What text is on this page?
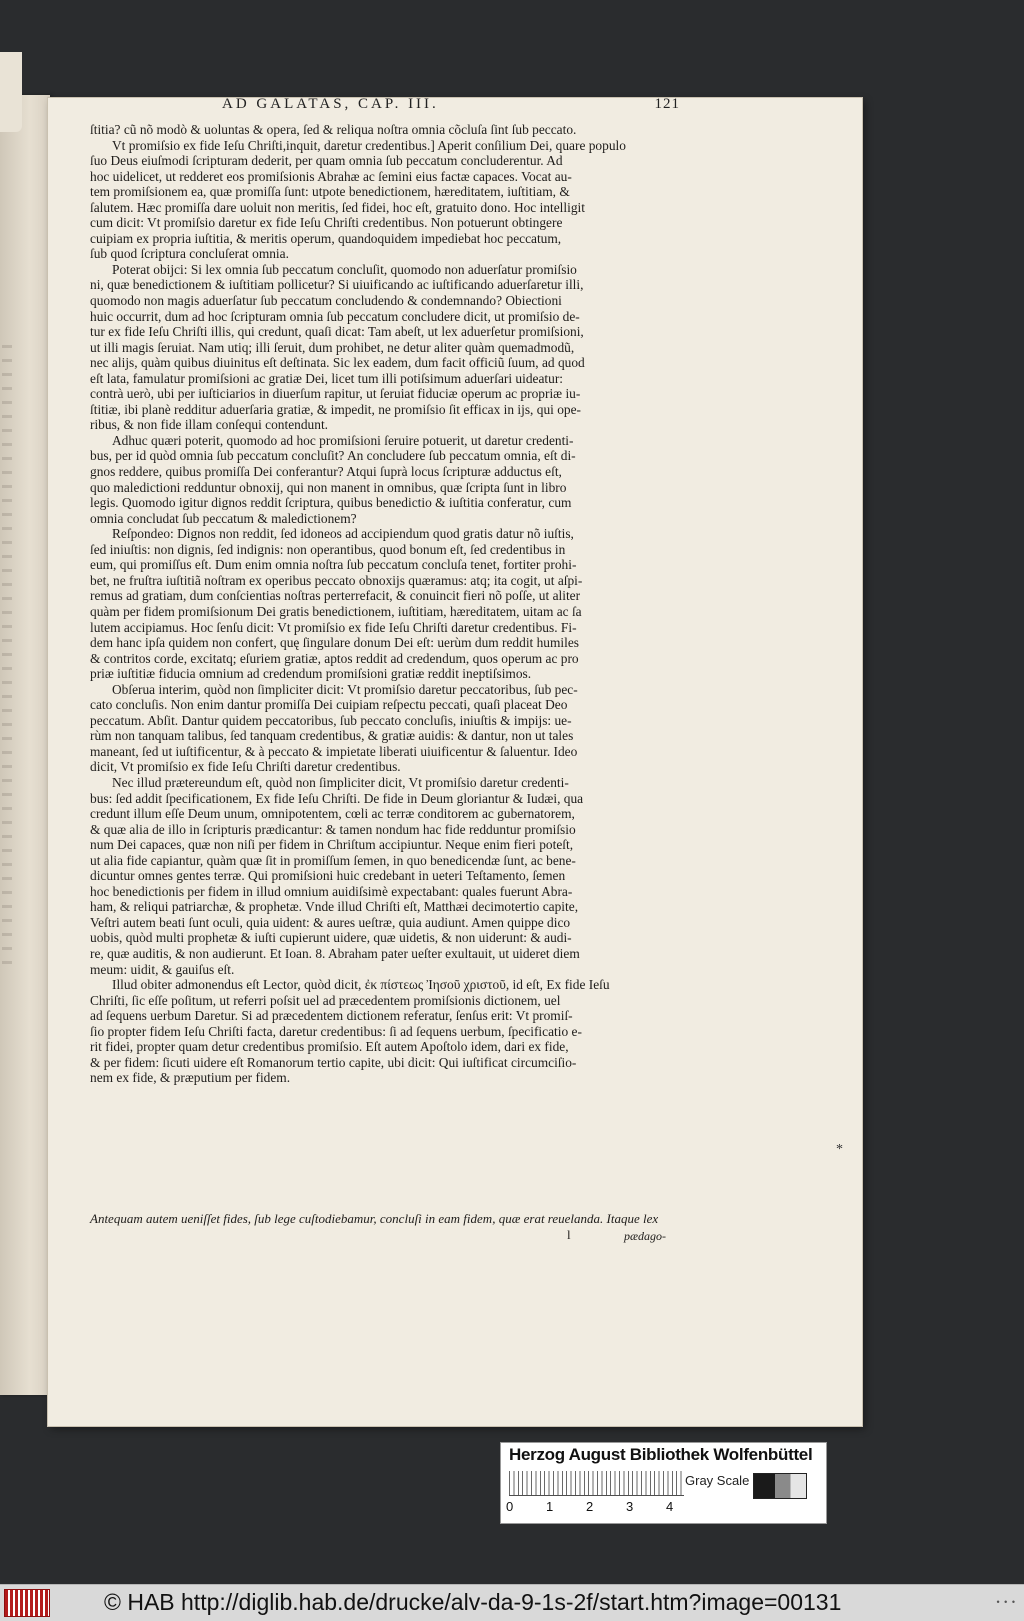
AD GALATAS, CAP. III.	121
ſtitia? cũ nõ modò & uoluntas & opera, ſed & reliqua noſtra omnia cõcluſa ſint ſub peccato.
Vt promiſsio ex fide Ieſu Chriſti,inquit, daretur credentibus.] Aperit conſilium Dei, quare populo
ſuo Deus eiuſmodi ſcripturam dederit, per quam omnia ſub peccatum concluderentur. Ad
hoc uidelicet, ut redderet eos promiſsionis Abrahæ ac ſemini eius factæ capaces. Vocat au-
tem promiſsionem ea, quæ promiſſa ſunt: utpote benedictionem, hæreditatem, iuſtitiam, &
ſalutem. Hæc promiſſa dare uoluit non meritis, ſed fidei, hoc eſt, gratuito dono. Hoc intelligit
cum dicit: Vt promiſsio daretur ex fide Ieſu Chriſti credentibus. Non potuerunt obtingere
cuipiam ex propria iuſtitia, & meritis operum, quandoquidem impediebat hoc peccatum,
ſub quod ſcriptura concluſerat omnia.
Poterat obijci: Si lex omnia ſub peccatum concluſit, quomodo non aduerſatur promiſsio
ni, quæ benedictionem & iuſtitiam pollicetur? Si uiuificando ac iuſtificando aduerſaretur illi,
quomodo non magis aduerſatur ſub peccatum concludendo & condemnando? Obiectioni
huic occurrit, dum ad hoc ſcripturam omnia ſub peccatum concludere dicit, ut promiſsio de-
tur ex fide Ieſu Chriſti illis, qui credunt, quaſi dicat: Tam abeſt, ut lex aduerſetur promiſsioni,
ut illi magis ſeruiat. Nam utiq; illi ſeruit, dum prohibet, ne detur aliter quàm quemadmodũ,
nec alijs, quàm quibus diuinitus eſt deſtinata. Sic lex eadem, dum facit officiũ ſuum, ad quod
eſt lata, famulatur promiſsioni ac gratiæ Dei, licet tum illi potiſsimum aduerſari uideatur:
contrà uerò, ubi per iuſticiarios in diuerſum rapitur, ut ſeruiat fiduciæ operum ac propriæ iu-
ſtitiæ, ibi planè redditur aduerſaria gratiæ, & impedit, ne promiſsio ſit efficax in ijs, qui ope-
ribus, & non fide illam conſequi contendunt.
Adhuc quæri poterit, quomodo ad hoc promiſsioni ſeruire potuerit, ut daretur credenti-
bus, per id quòd omnia ſub peccatum concluſit? An concludere ſub peccatum omnia, eſt di-
gnos reddere, quibus promiſſa Dei conferantur? Atqui ſuprà locus ſcripturæ adductus eſt,
quo maledictioni redduntur obnoxij, qui non manent in omnibus, quæ ſcripta ſunt in libro
legis. Quomodo igitur dignos reddit ſcriptura, quibus benedictio & iuſtitia conferatur, cum
omnia concludat ſub peccatum & maledictionem?
Reſpondeo: Dignos non reddit, ſed idoneos ad accipiendum quod gratis datur nõ iuſtis,
ſed iniuſtis: non dignis, ſed indignis: non operantibus, quod bonum eſt, ſed credentibus in
eum, qui promiſſus eſt. Dum enim omnia noſtra ſub peccatum concluſa tenet, fortiter prohi-
bet, ne fruſtra iuſtitiã noſtram ex operibus peccato obnoxijs quæramus: atq; ita cogit, ut aſpi-
remus ad gratiam, dum conſcientias noſtras perterrefacit, & conuincit fieri nõ poſſe, ut aliter
quàm per fidem promiſsionum Dei gratis benedictionem, iuſtitiam, hæreditatem, uitam ac ſa
lutem accipiamus. Hoc ſenſu dicit: Vt promiſsio ex fide Ieſu Chriſti daretur credentibus. Fi-
dem hanc ipſa quidem non confert, quę ſingulare donum Dei eſt: uerùm dum reddit humiles
& contritos corde, excitatq; eſuriem gratiæ, aptos reddit ad credendum, quos operum ac pro
priæ iuſtitiæ fiducia omnium ad credendum promiſsioni gratiæ reddit ineptiſsimos.
Obſerua interim, quòd non ſimpliciter dicit: Vt promiſsio daretur peccatoribus, ſub pec-
cato concluſis. Non enim dantur promiſſa Dei cuipiam reſpectu peccati, quaſi placeat Deo
peccatum. Abſit. Dantur quidem peccatoribus, ſub peccato concluſis, iniuſtis & impijs: ue-
rùm non tanquam talibus, ſed tanquam credentibus, & gratiæ auidis: & dantur, non ut tales
maneant, ſed ut iuſtificentur, & à peccato & impietate liberati uiuificentur & ſaluentur. Ideo
dicit, Vt promiſsio ex fide Ieſu Chriſti daretur credentibus.
Nec illud prætereundum eſt, quòd non ſimpliciter dicit, Vt promiſsio daretur credenti-
bus: ſed addit ſpecificationem, Ex fide Ieſu Chriſti. De fide in Deum gloriantur & Iudæi, qua
credunt illum eſſe Deum unum, omnipotentem, cœli ac terræ conditorem ac gubernatorem,
& quæ alia de illo in ſcripturis prædicantur: & tamen nondum hac fide redduntur promiſsio
num Dei capaces, quæ non niſi per fidem in Chriſtum accipiuntur. Neque enim fieri poteſt,
ut alia fide capiantur, quàm quæ ſit in promiſſum ſemen, in quo benedicendæ ſunt, ac bene-
dicuntur omnes gentes terræ. Qui promiſsioni huic credebant in ueteri Teſtamento, ſemen
hoc benedictionis per fidem in illud omnium auidiſsimè expectabant: quales fuerunt Abra-
ham, & reliqui patriarchæ, & prophetæ. Vnde illud Chriſti eſt, Matthæi decimotertio capite,
Veſtri autem beati ſunt oculi, quia uident: & aures ueſtræ, quia audiunt. Amen quippe dico
uobis, quòd multi prophetæ & iuſti cupierunt uidere, quæ uidetis, & non uiderunt: & audi-
re, quæ auditis, & non audierunt. Et Ioan. 8. Abraham pater ueſter exultauit, ut uideret diem
meum: uidit, & gauiſus eſt.
Illud obiter admonendus eſt Lector, quòd dicit, ἐκ πίστεως Ἰησοῦ χριστοῦ, id eſt, Ex fide Ieſu
Chriſti, ſic eſſe poſitum, ut referri poſsit uel ad præcedentem promiſsionis dictionem, uel
ad ſequens uerbum Daretur. Si ad præcedentem dictionem referatur, ſenſus erit: Vt promiſ-
ſio propter fidem Ieſu Chriſti facta, daretur credentibus: ſi ad ſequens uerbum, ſpecificatio e-
rit fidei, propter quam detur credentibus promiſsio. Eſt autem Apoſtolo idem, dari ex fide,
& per fidem: ſicuti uidere eſt Romanorum tertio capite, ubi dicit: Qui iuſtificat circumciſio-
nem ex fide, & præputium per fidem.
Antequam autem ueniſſet fides, ſub lege cuſtodiebamur, concluſi in eam fidem, quæ erat reuelanda. Itaque lex
l	pædago-
*
Herzog August Bibliothek Wolfenbüttel
0	1	2	3	4
Gray Scale
© HAB http://diglib.hab.de/drucke/alv-da-9-1s-2f/start.htm?image=00131	• • •
